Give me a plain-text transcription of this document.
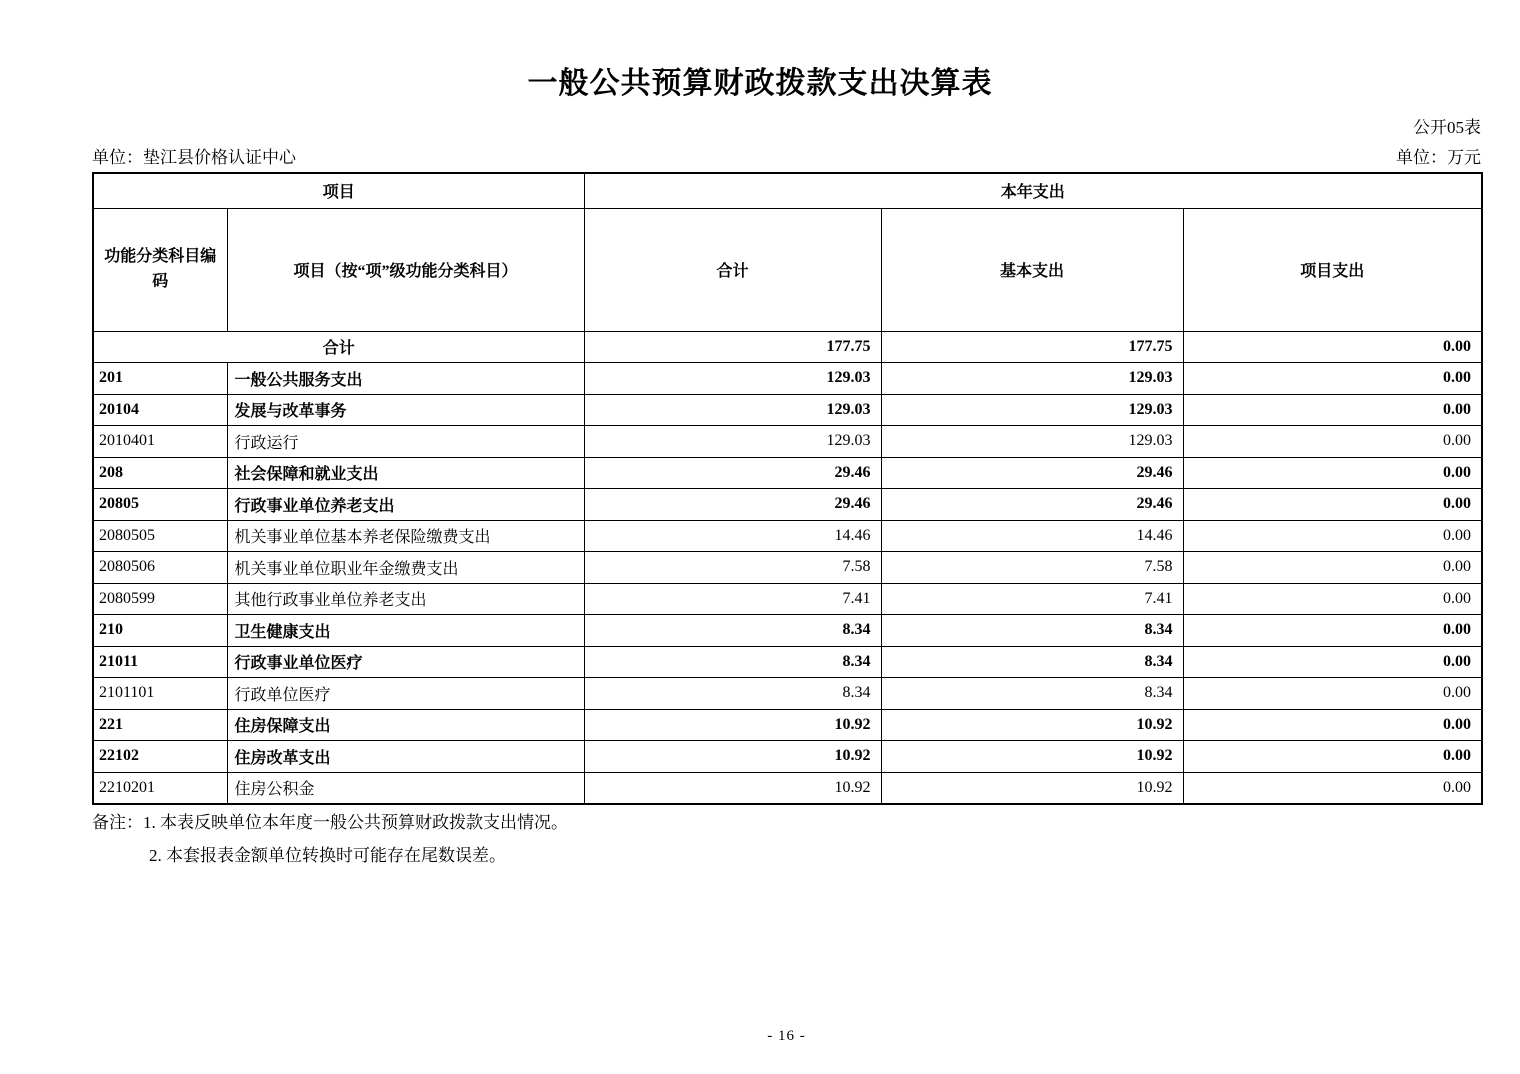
一般公共预算财政拨款支出决算表
公开05表
单位：垫江县价格认证中心	单位：万元
项目		本年支出		
功能分类科目编码	项目（按“项”级功能分类科目）	合计	基本支出	项目支出
合计		177.75	177.75	0.00
201	一般公共服务支出	129.03	129.03	0.00
20104	发展与改革事务	129.03	129.03	0.00
2010401	行政运行	129.03	129.03	0.00
208	社会保障和就业支出	29.46	29.46	0.00
20805	行政事业单位养老支出	29.46	29.46	0.00
2080505	机关事业单位基本养老保险缴费支出	14.46	14.46	0.00
2080506	机关事业单位职业年金缴费支出	7.58	7.58	0.00
2080599	其他行政事业单位养老支出	7.41	7.41	0.00
210	卫生健康支出	8.34	8.34	0.00
21011	行政事业单位医疗	8.34	8.34	0.00
2101101	行政单位医疗	8.34	8.34	0.00
221	住房保障支出	10.92	10.92	0.00
22102	住房改革支出	10.92	10.92	0.00
2210201	住房公积金	10.92	10.92	0.00
备注：1. 本表反映单位本年度一般公共预算财政拨款支出情况。
2. 本套报表金额单位转换时可能存在尾数误差。
- 16 -
